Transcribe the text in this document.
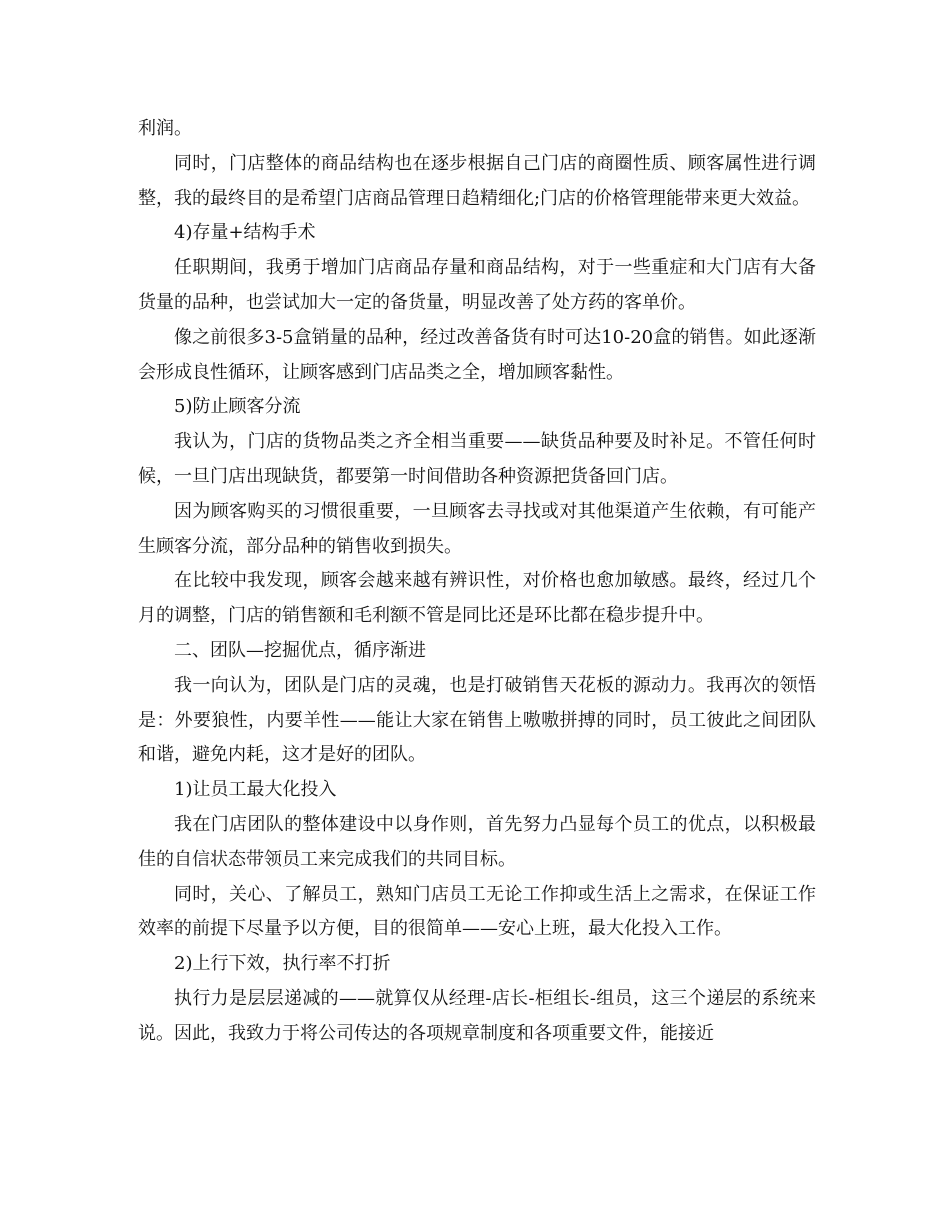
利润。

同时，门店整体的商品结构也在逐步根据自己门店的商圈性质、顾客属性进行调整，我的最终目的是希望门店商品管理日趋精细化;门店的价格管理能带来更大效益。

4)存量+结构手术

任职期间，我勇于增加门店商品存量和商品结构，对于一些重症和大门店有大备货量的品种，也尝试加大一定的备货量，明显改善了处方药的客单价。

像之前很多3-5盒销量的品种，经过改善备货有时可达10-20盒的销售。如此逐渐会形成良性循环，让顾客感到门店品类之全，增加顾客黏性。

5)防止顾客分流

我认为，门店的货物品类之齐全相当重要——缺货品种要及时补足。不管任何时候，一旦门店出现缺货，都要第一时间借助各种资源把货备回门店。

因为顾客购买的习惯很重要，一旦顾客去寻找或对其他渠道产生依赖，有可能产生顾客分流，部分品种的销售收到损失。

在比较中我发现，顾客会越来越有辨识性，对价格也愈加敏感。最终，经过几个月的调整，门店的销售额和毛利额不管是同比还是环比都在稳步提升中。

二、团队—挖掘优点，循序渐进

我一向认为，团队是门店的灵魂，也是打破销售天花板的源动力。我再次的领悟是：外要狼性，内要羊性——能让大家在销售上嗷嗷拼搏的同时，员工彼此之间团队和谐，避免内耗，这才是好的团队。

1)让员工最大化投入

我在门店团队的整体建设中以身作则，首先努力凸显每个员工的优点，以积极最佳的自信状态带领员工来完成我们的共同目标。

同时，关心、了解员工，熟知门店员工无论工作抑或生活上之需求，在保证工作效率的前提下尽量予以方便，目的很简单——安心上班，最大化投入工作。

2)上行下效，执行率不打折

执行力是层层递减的——就算仅从经理-店长-柜组长-组员，这三个递层的系统来说。因此，我致力于将公司传达的各项规章制度和各项重要文件，能接近
